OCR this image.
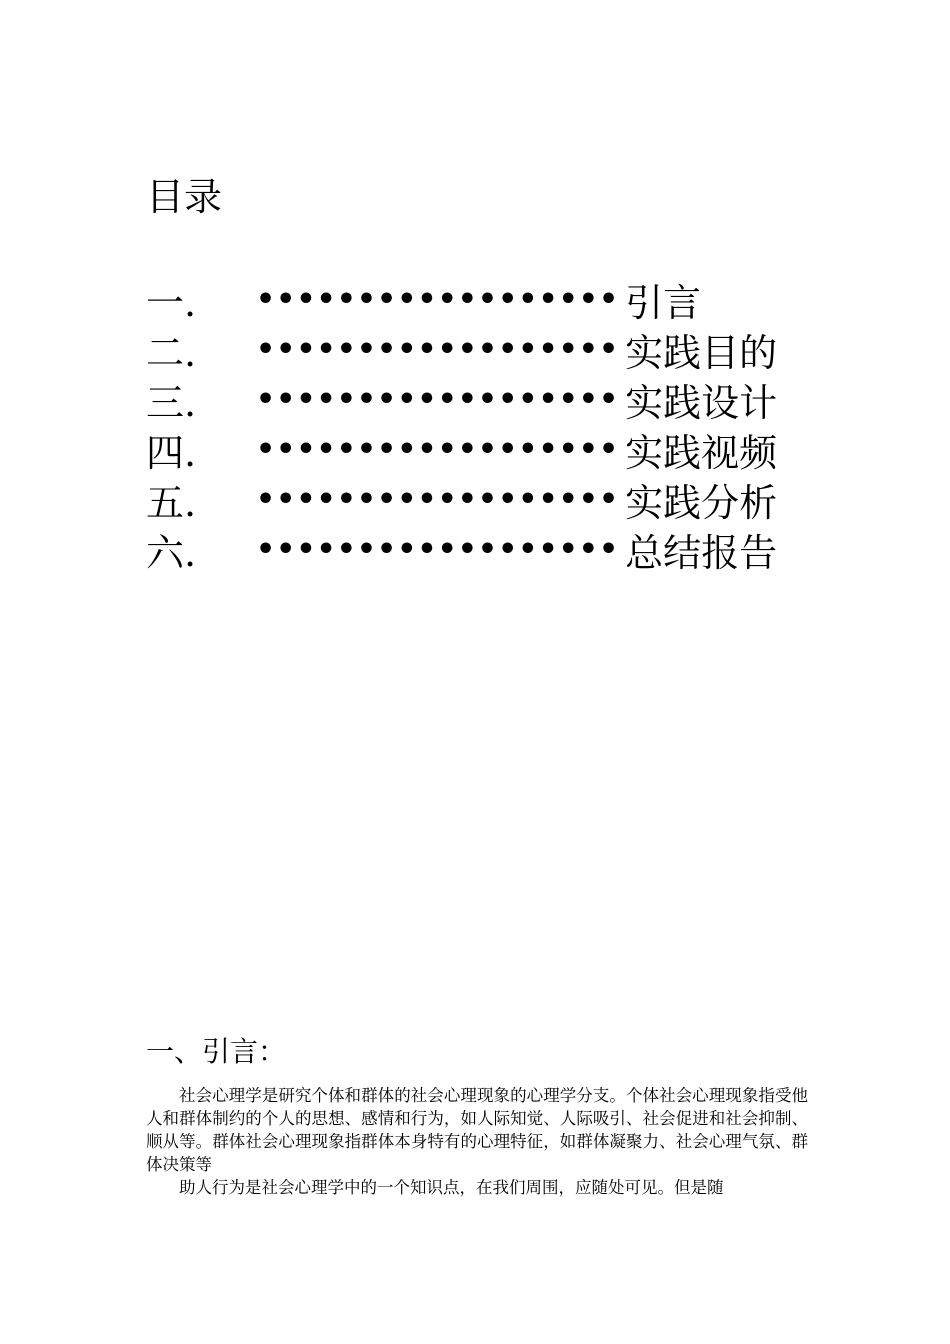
目录
一.	•••••••••••••••••• 引言
二.	•••••••••••••••••• 实践目的
三.	•••••••••••••••••• 实践设计
四.	•••••••••••••••••• 实践视频
五.	•••••••••••••••••• 实践分析
六.	•••••••••••••••••• 总结报告
一、引言：

社会心理学是研究个体和群体的社会心理现象的心理学分支。个体社会心理现象指受他人和群体制约的个人的思想、感情和行为，如人际知觉、人际吸引、社会促进和社会抑制、顺从等。群体社会心理现象指群体本身特有的心理特征，如群体凝聚力、社会心理气氛、群体决策等

助人行为是社会心理学中的一个知识点，在我们周围，应随处可见。但是随
